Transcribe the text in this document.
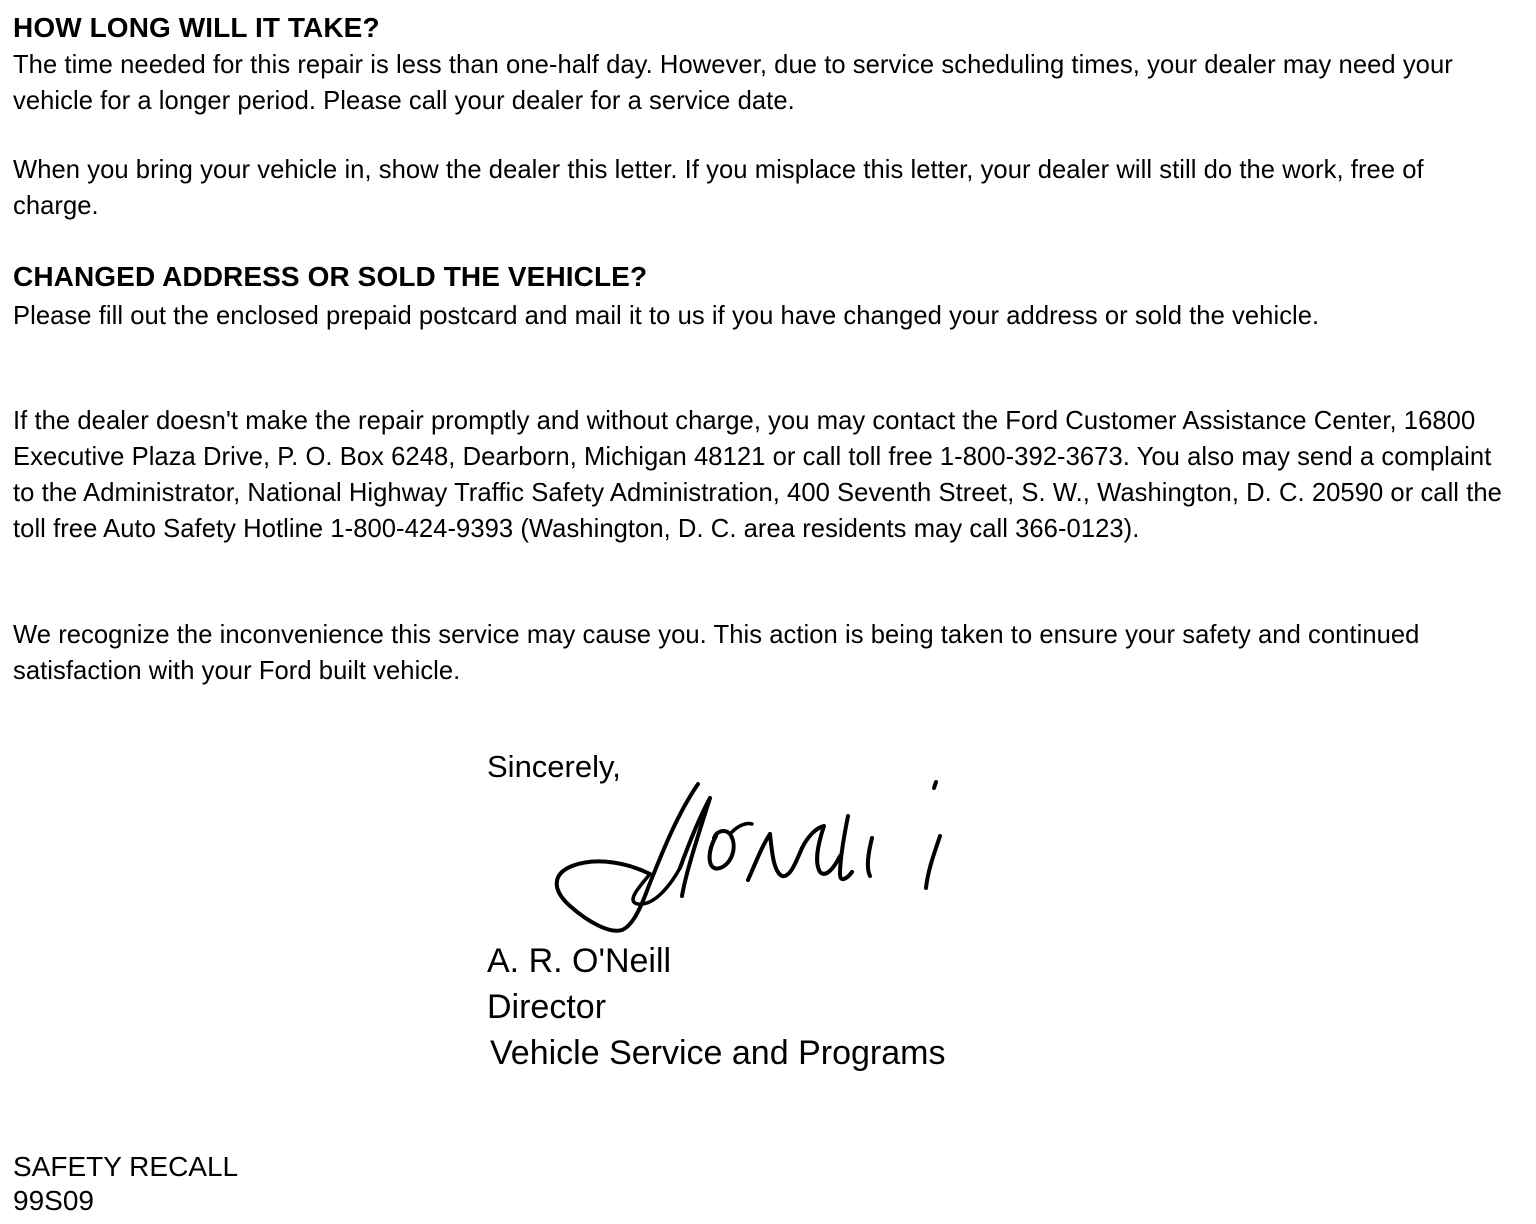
HOW LONG WILL IT TAKE?

The time needed for this repair is less than one-half day. However, due to service scheduling times, your dealer may need your vehicle for a longer period. Please call your dealer for a service date.

When you bring your vehicle in, show the dealer this letter. If you misplace this letter, your dealer will still do the work, free of charge.

CHANGED ADDRESS OR SOLD THE VEHICLE?

Please fill out the enclosed prepaid postcard and mail it to us if you have changed your address or sold the vehicle.

If the dealer doesn't make the repair promptly and without charge, you may contact the Ford Customer Assistance Center, 16800 Executive Plaza Drive, P. O. Box 6248, Dearborn, Michigan 48121 or call toll free 1-800-392-3673. You also may send a complaint to the Administrator, National Highway Traffic Safety Administration, 400 Seventh Street, S. W., Washington, D. C. 20590 or call the toll free Auto Safety Hotline 1-800-424-9393 (Washington, D. C. area residents may call 366-0123).

We recognize the inconvenience this service may cause you. This action is being taken to ensure your safety and continued satisfaction with your Ford built vehicle.

Sincerely,

A. R. O'Neill

Director

Vehicle Service and Programs

SAFETY RECALL

99S09
